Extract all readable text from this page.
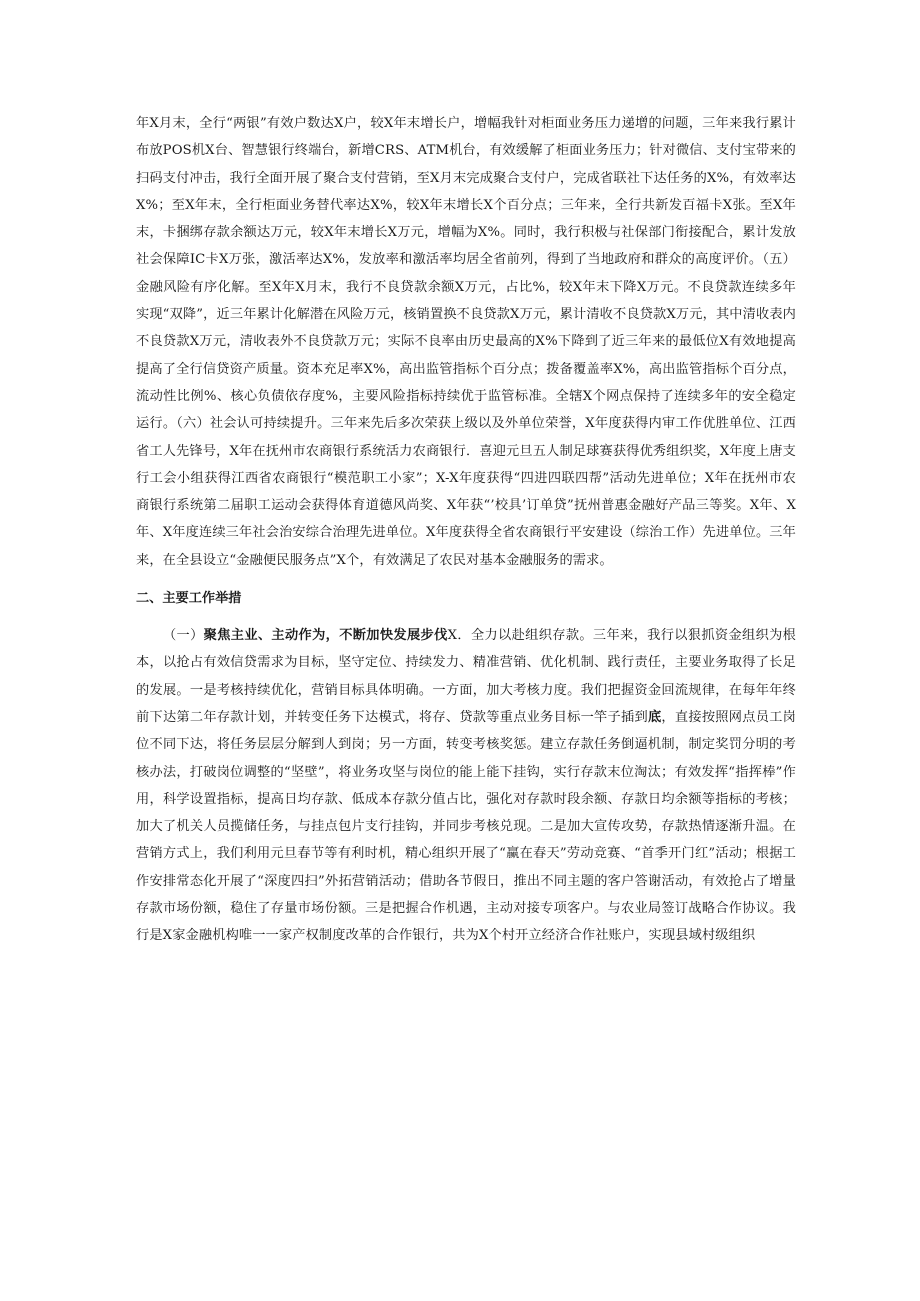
年X月末，全行“两银”有效户数达X户，较X年末增长户，增幅我针对柜面业务压力递增的问题，三年来我行累计布放POS机X台、智慧银行终端台，新增CRS、ATM机台，有效缓解了柜面业务压力；针对微信、支付宝带来的扫码支付冲击，我行全面开展了聚合支付营销，至X月末完成聚合支付户，完成省联社下达任务的X%，有效率达X%；至X年末，全行柜面业务替代率达X%，较X年末增长X个百分点；三年来，全行共新发百福卡X张。至X年末，卡捆绑存款余额达万元，较X年末增长X万元，增幅为X%。同时，我行积极与社保部门衔接配合，累计发放社会保障IC卡X万张，激活率达X%，发放率和激活率均居全省前列，得到了当地政府和群众的高度评价。（五）金融风险有序化解。至X年X月末，我行不良贷款余额X万元，占比%，较X年末下降X万元。不良贷款连续多年实现“双降”，近三年累计化解潜在风险万元，核销置换不良贷款X万元，累计清收不良贷款X万元，其中清收表内不良贷款X万元，清收表外不良贷款万元；实际不良率由历史最高的X%下降到了近三年来的最低位X有效地提高提高了全行信贷资产质量。资本充足率X%，高出监管指标个百分点；拨备覆盖率X%，高出监管指标个百分点，流动性比例%、核心负债依存度%，主要风险指标持续优于监管标准。全辖X个网点保持了连续多年的安全稳定运行。（六）社会认可持续提升。三年来先后多次荣获上级以及外单位荣誉，X年度获得内审工作优胜单位、江西省工人先锋号，X年在抚州市农商银行系统活力农商银行．喜迎元旦五人制足球赛获得优秀组织奖，X年度上唐支行工会小组获得江西省农商银行“模范职工小家”；X-X年度获得“四进四联四帮”活动先进单位；X年在抚州市农商银行系统第二届职工运动会获得体育道德风尚奖、X年获“’校具’订单贷”抚州普惠金融好产品三等奖。X年、X年、X年度连续三年社会治安综合治理先进单位。X年度获得全省农商银行平安建设（综治工作）先进单位。三年来，在全县设立“金融便民服务点”X个，有效满足了农民对基本金融服务的需求。

二、主要工作举措

（一）聚焦主业、主动作为，不断加快发展步伐X．全力以赴组织存款。三年来，我行以狠抓资金组织为根本，以抢占有效信贷需求为目标，坚守定位、持续发力、精准营销、优化机制、践行责任，主要业务取得了长足的发展。一是考核持续优化，营销目标具体明确。一方面，加大考核力度。我们把握资金回流规律，在每年年终前下达第二年存款计划，并转变任务下达模式，将存、贷款等重点业务目标一竿子插到底，直接按照网点员工岗位不同下达，将任务层层分解到人到岗；另一方面，转变考核奖惩。建立存款任务倒逼机制，制定奖罚分明的考核办法，打破岗位调整的“坚壁”，将业务攻坚与岗位的能上能下挂钩，实行存款末位淘汰；有效发挥“指挥棒”作用，科学设置指标，提高日均存款、低成本存款分值占比，强化对存款时段余额、存款日均余额等指标的考核；加大了机关人员揽储任务，与挂点包片支行挂钩，并同步考核兑现。二是加大宣传攻势，存款热情逐渐升温。在营销方式上，我们利用元旦春节等有利时机，精心组织开展了“赢在春天”劳动竞赛、“首季开门红”活动；根据工作安排常态化开展了“深度四扫”外拓营销活动；借助各节假日，推出不同主题的客户答谢活动，有效抢占了增量存款市场份额，稳住了存量市场份额。三是把握合作机遇，主动对接专项客户。与农业局签订战略合作协议。我行是X家金融机构唯一一家产权制度改革的合作银行，共为X个村开立经济合作社账户，实现县域村级组织
